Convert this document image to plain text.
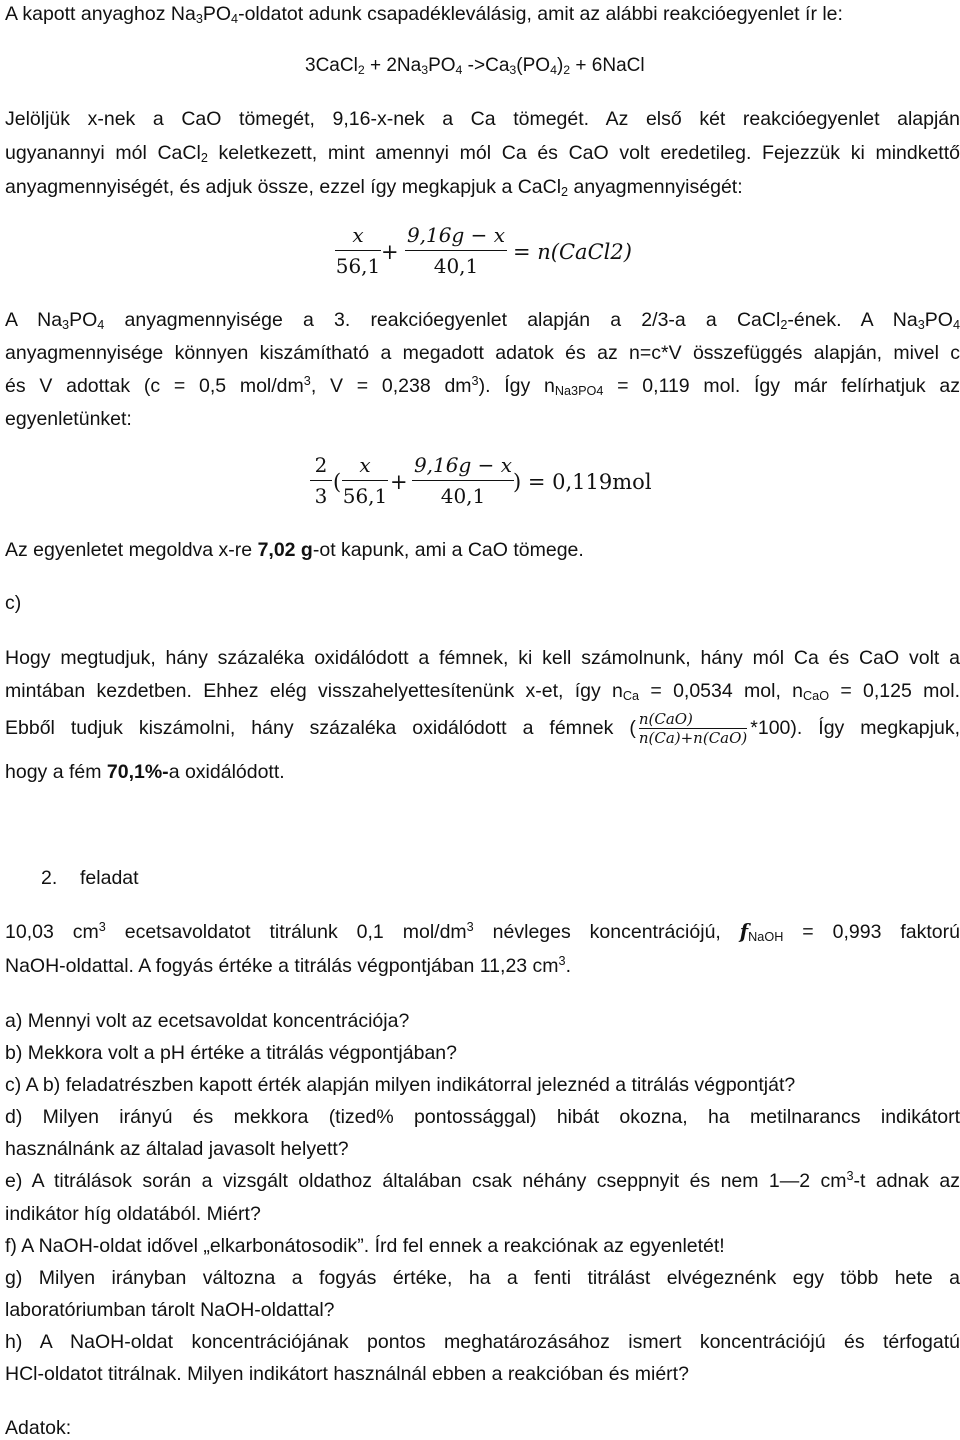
A kapott anyaghoz $Na_3PO_4$-oldatot adunk csapadékleválásig, amit az alábbi reakcióegyenlet ír le:
3CaCl$_2$ + $2Na_3PO_4$ $->Ca_3(PO_4)_2$ + 6NaCl
Jelöljük x-nek a CaO tömegét, 9,16-x-nek a Ca tömegét. Az első két reakcióegyenlet alapján
ugyanannyi mól CaCl$_2$ keletkezett, mint amennyi mól Ca és CaO volt eredetileg. Fejezzük ki mindkettő
anyagmennyiségét, és adjuk össze, ezzel így megkapjuk a CaCl$_2$ anyagmennyiségét:
x
56,1
+
9,16g − x
40,1
= n(CaCl2)
A $Na_3PO_4$ anyagmennyisége a 3. reakcióegyenlet alapján a 2/3-a a CaCl$_2$-ének. A $Na_3PO_4$
anyagmennyisége könnyen kiszámítható a megadott adatok és az n=c*V összefüggés alapján, mivel c
és V adottak (c = 0,5 mol/$dm^3$, V = 0,238 $dm^3$). Így $n_{Na3PO4} = 0,119$ mol. Így már felírhatjuk az
egyenletünket:
2
3
(
x
56,1
+
9,16g − x
40,1
) = 0,119mol
Az egyenletet megoldva x-re 7,02 g-ot kapunk, ami a CaO tömege.
c)
Hogy megtudjuk, hány százaléka oxidálódott a fémnek, ki kell számolnunk, hány mól Ca és CaO volt a
mintában kezdetben. Ehhez elég visszahelyettesítenünk x-et, így $n_{Ca} = 0,0534$ mol, $n_{CaO} = 0,125$ mol.
Ebből tudjuk kiszámolni, hány százaléka oxidálódott a fémnek ( n(CaO)
n(Ca)+n(CaO) *100). Így megkapjuk,
hogy a fém 70,1%-a oxidálódott.
2. feladat
10,03 $cm^3$ ecetsavoldatot titrálunk 0,1 mol/$dm^3$ névleges koncentrációjú, $f_{NaOH} = 0,993$ faktorú
NaOH-oldattal. A fogyás értéke a titrálás végpontjában 11,23 $cm^3$.
a) Mennyi volt az ecetsavoldat koncentrációja?
b) Mekkora volt a pH értéke a titrálás végpontjában?
c) A b) feladatrészben kapott érték alapján milyen indikátorral jeleznéd a titrálás végpontját?
d) Milyen irányú és mekkora (tized% pontossággal) hibát okozna, ha metilnarancs indikátort
használnánk az általad javasolt helyett?
e) A titrálások során a vizsgált oldathoz általában csak néhány cseppnyit és nem 1—2 $cm^3-t$ adnak az
indikátor híg oldatából. Miért?
f) A NaOH-oldat idővel „elkarbonátosodik”. Írd fel ennek a reakciónak az egyenletét!
g) Milyen irányban változna a fogyás értéke, ha a fenti titrálást elvégeznénk egy több hete a
laboratóriumban tárolt NaOH-oldattal?
h) A NaOH-oldat koncentrációjának pontos meghatározásához ismert koncentrációjú és térfogatú
HCl-oldatot titrálnak. Milyen indikátort használnál ebben a reakcióban és miért?
Adatok:
